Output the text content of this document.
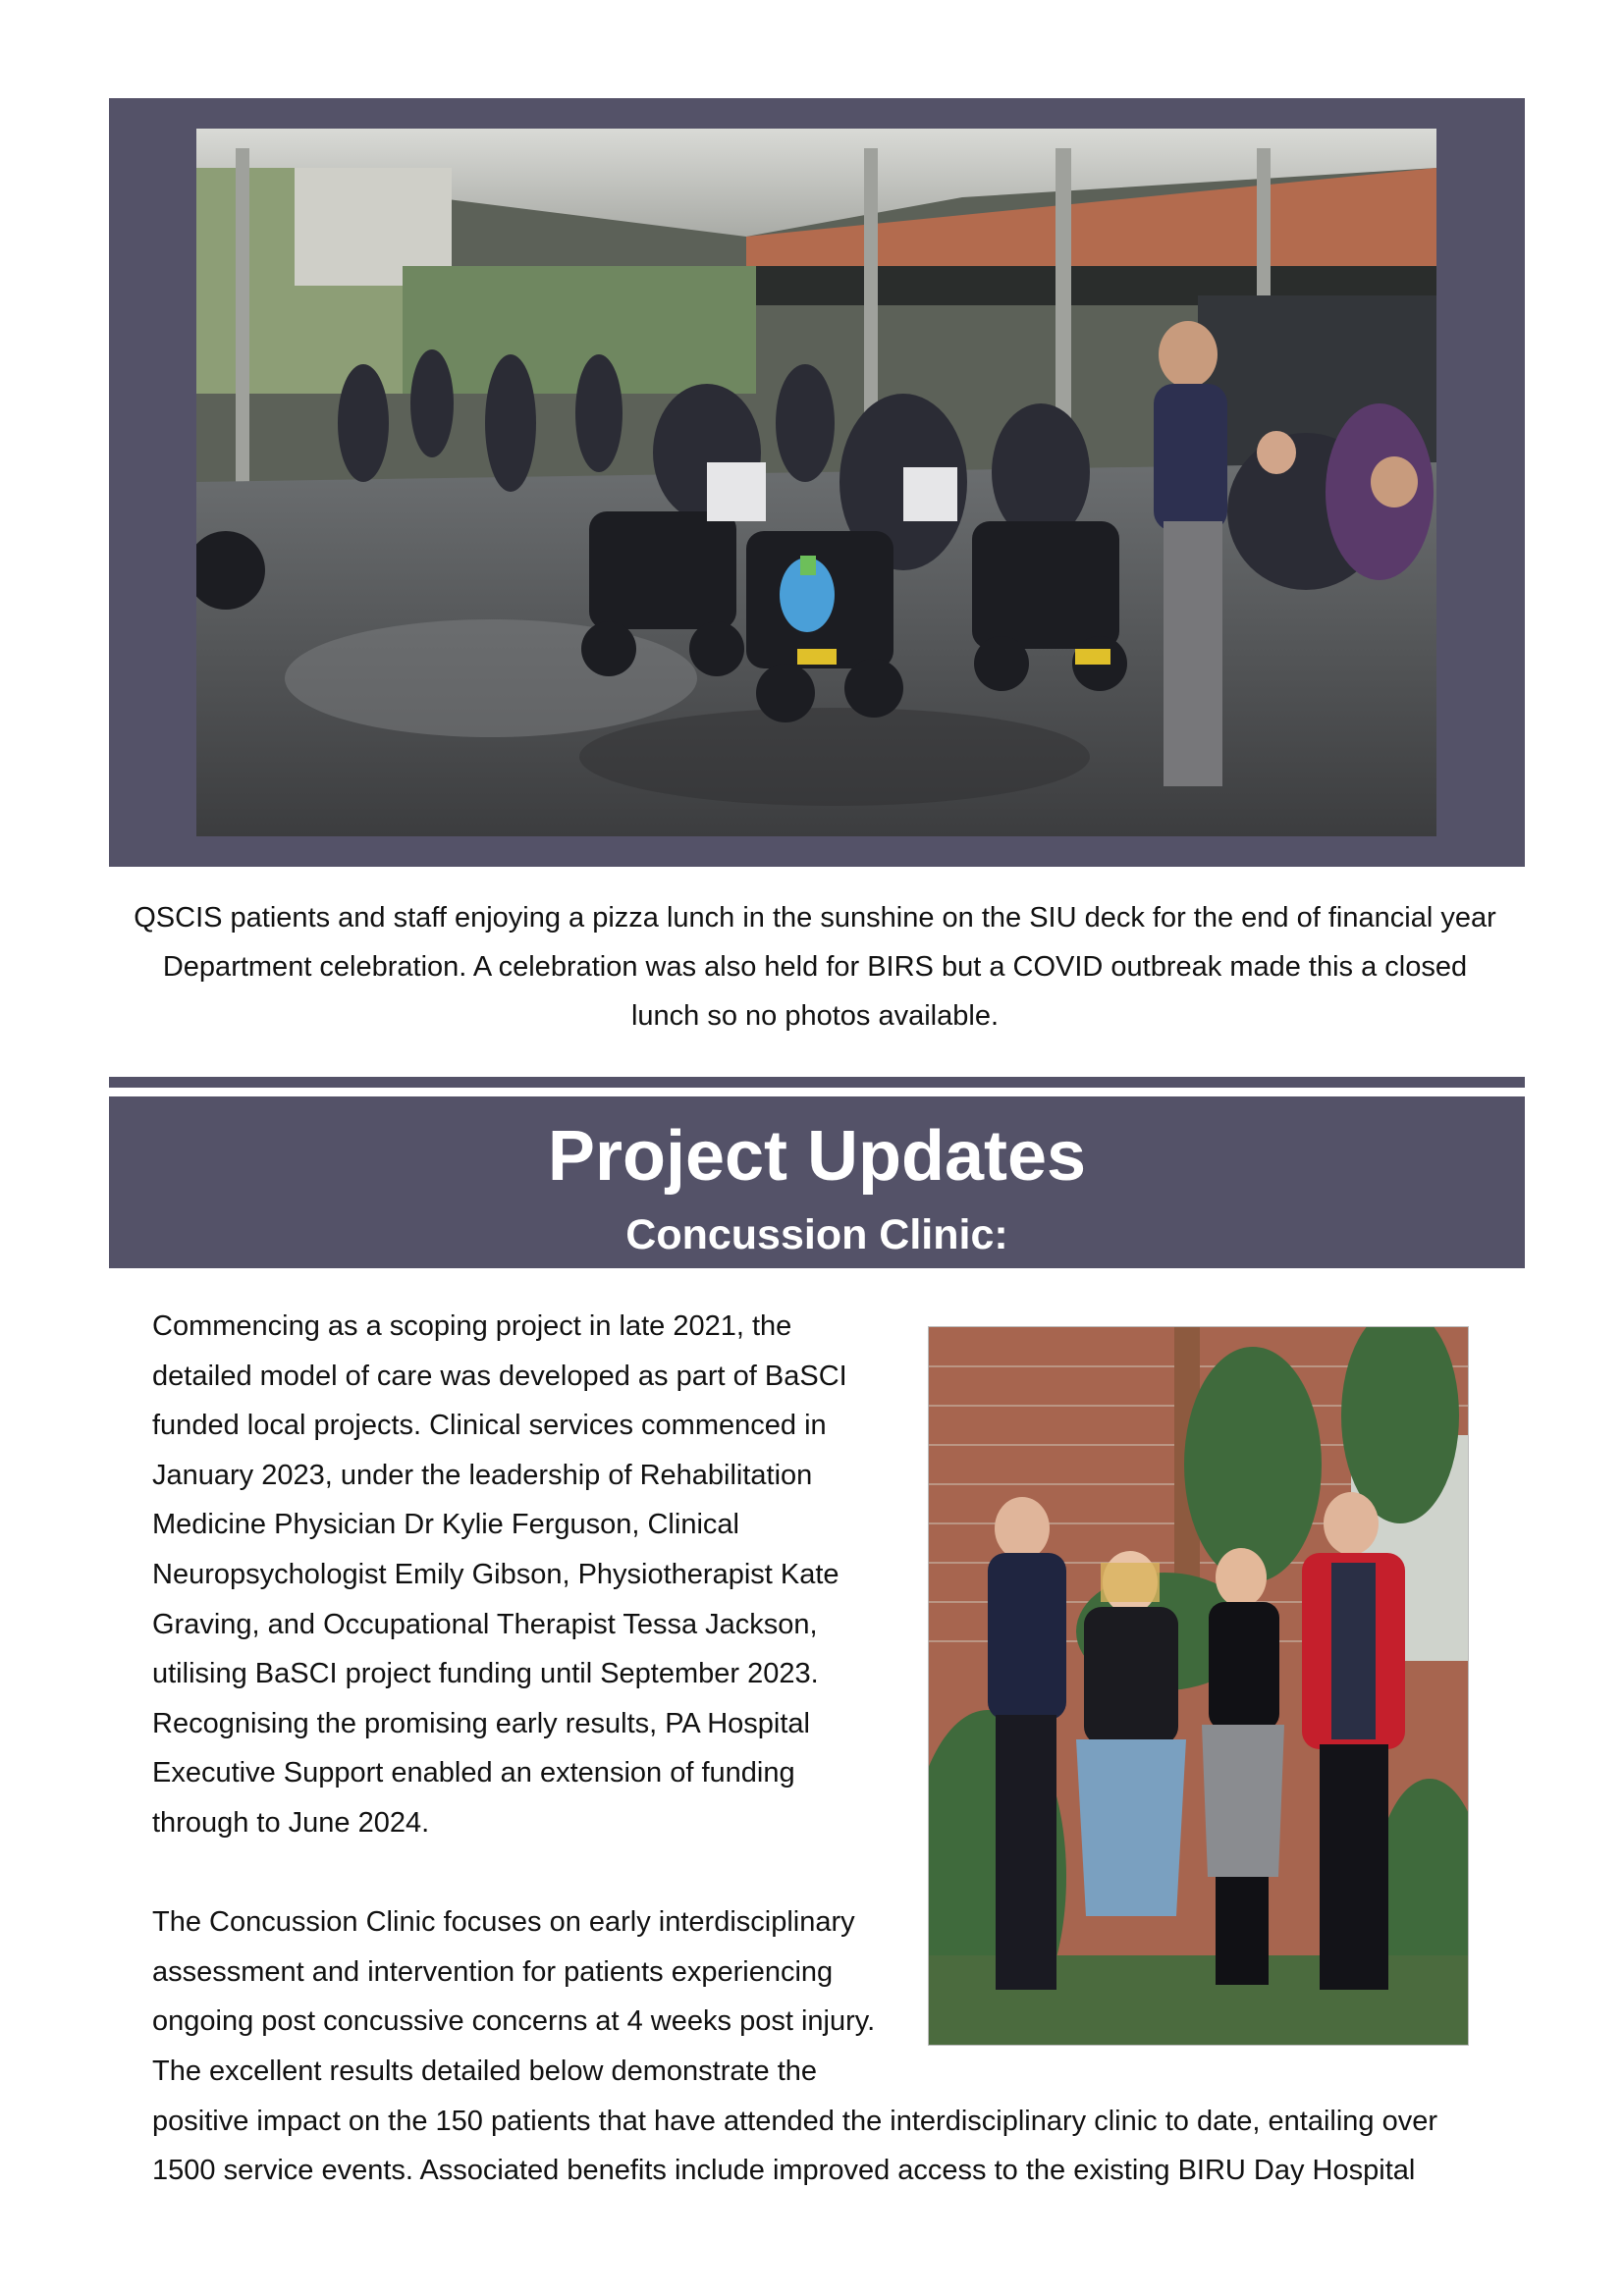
QSCIS patients and staff enjoying a pizza lunch in the sunshine on the SIU deck for the end of financial year Department celebration. A celebration was also held for BIRS but a COVID outbreak made this a closed lunch so no photos available.
Project Updates
Concussion Clinic:

Commencing as a scoping project in late 2021, the detailed model of care was developed as part of BaSCI funded local projects. Clinical services commenced in January 2023, under the leadership of Rehabilitation Medicine Physician Dr Kylie Ferguson, Clinical Neuropsychologist Emily Gibson, Physiotherapist Kate Graving, and Occupational Therapist Tessa Jackson, utilising BaSCI project funding until September 2023. Recognising the promising early results, PA Hospital Executive Support enabled an extension of funding through to June 2024.

The Concussion Clinic focuses on early interdisciplinary assessment and intervention for patients experiencing ongoing post concussive concerns at 4 weeks post injury. The excellent results detailed below demonstrate the positive impact on the 150 patients that have attended the interdisciplinary clinic to date, entailing over 1500 service events. Associated benefits include improved access to the existing BIRU Day Hospital
